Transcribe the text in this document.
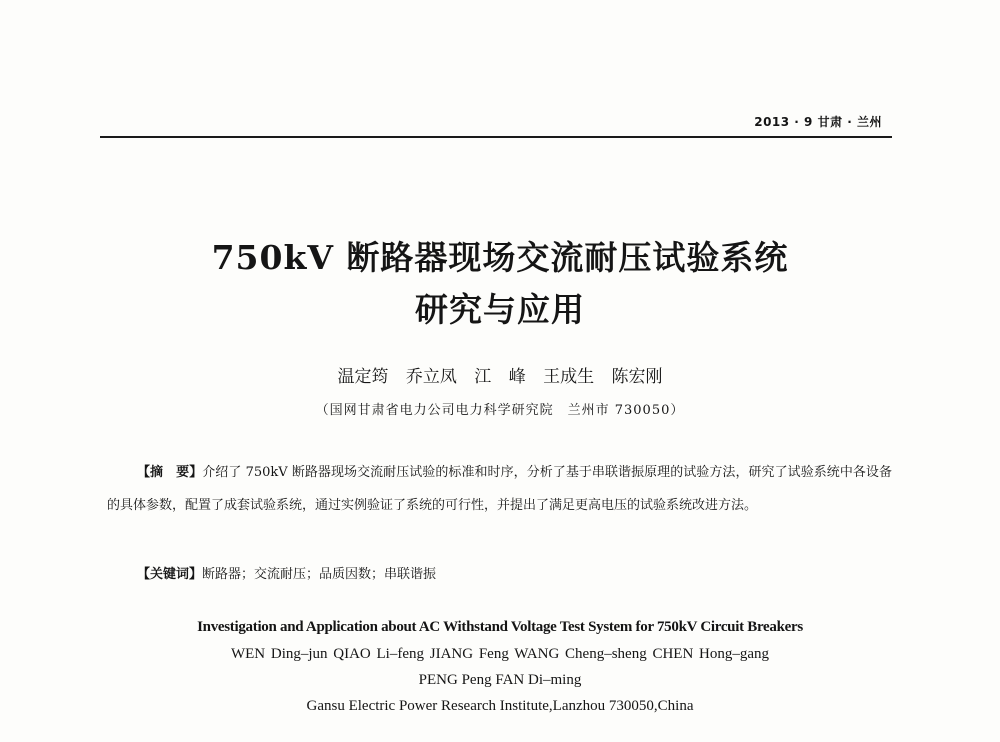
2013 · 9 甘肃 · 兰州
750kV 断路器现场交流耐压试验系统
研究与应用
温定筠 乔立凤 江 峰 王成生 陈宏刚
（国网甘肃省电力公司电力科学研究院　兰州市 730050）
【摘　要】介绍了 750kV 断路器现场交流耐压试验的标准和时序，分析了基于串联谐振原理的试验方法，研究了试验系统中各设备的具体参数，配置了成套试验系统，通过实例验证了系统的可行性，并提出了满足更高电压的试验系统改进方法。
【关键词】断路器；交流耐压；品质因数；串联谐振
Investigation and Application about AC Withstand Voltage Test System for 750kV Circuit Breakers
WEN Ding–jun QIAO Li–feng JIANG Feng WANG Cheng–sheng CHEN Hong–gang
PENG Peng FAN Di–ming
Gansu Electric Power Research Institute,Lanzhou 730050,China
